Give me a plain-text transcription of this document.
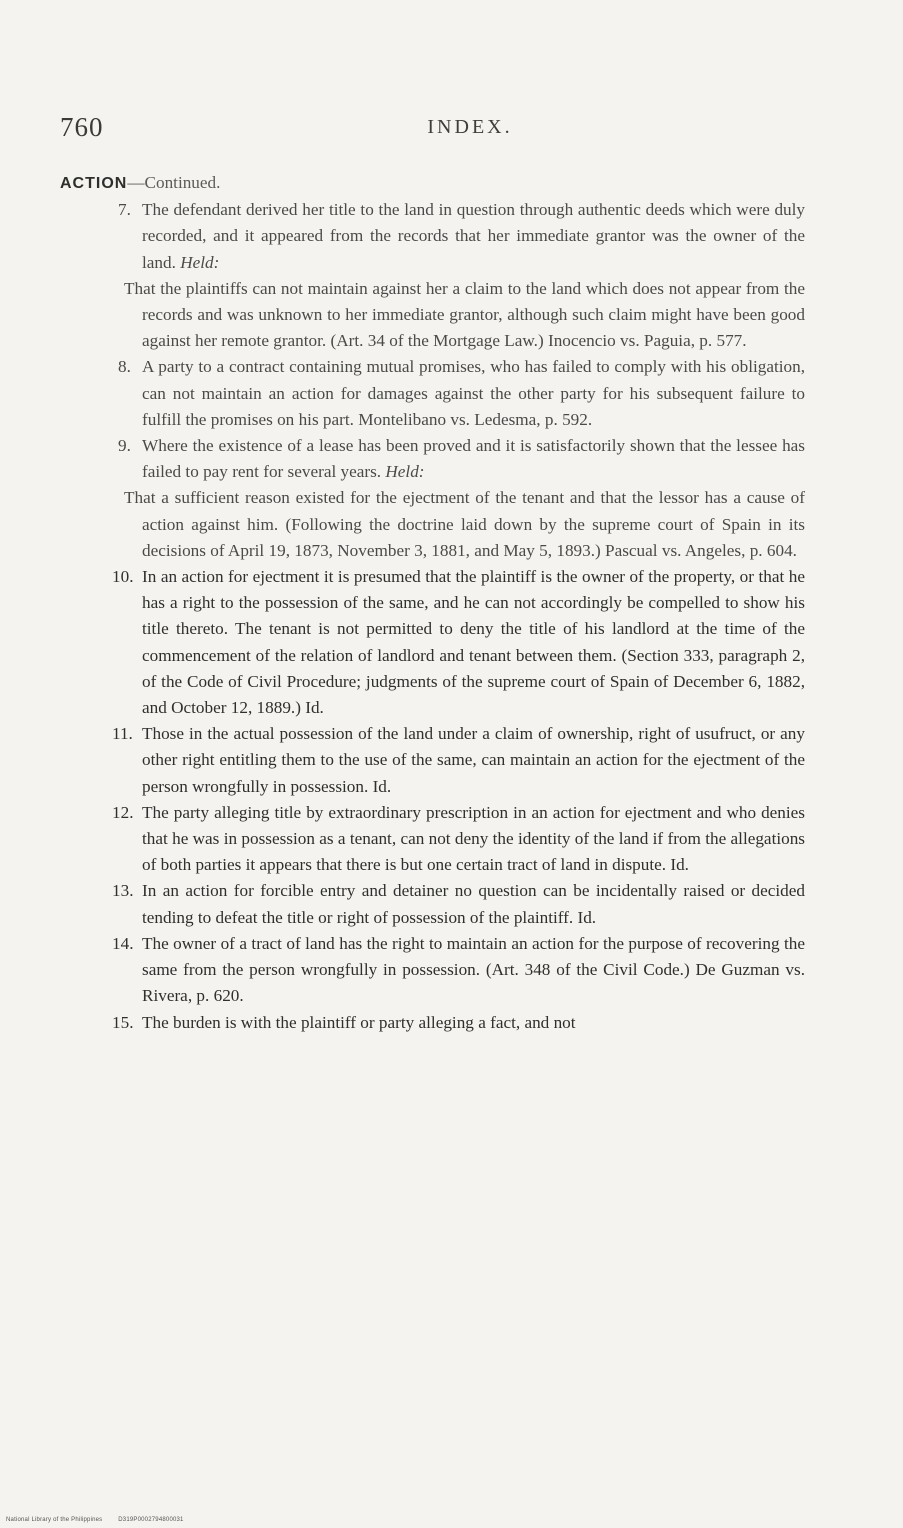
760	INDEX.

ACTION—Continued.

7. The defendant derived her title to the land in question through authentic deeds which were duly recorded, and it appeared from the records that her immediate grantor was the owner of the land. Held:

That the plaintiffs can not maintain against her a claim to the land which does not appear from the records and was unknown to her immediate grantor, although such claim might have been good against her remote grantor. (Art. 34 of the Mortgage Law.) Inocencio vs. Paguia, p. 577.

8. A party to a contract containing mutual promises, who has failed to comply with his obligation, can not maintain an action for damages against the other party for his subsequent failure to fulfill the promises on his part. Montelibano vs. Ledesma, p. 592.

9. Where the existence of a lease has been proved and it is satisfactorily shown that the lessee has failed to pay rent for several years. Held:

That a sufficient reason existed for the ejectment of the tenant and that the lessor has a cause of action against him. (Following the doctrine laid down by the supreme court of Spain in its decisions of April 19, 1873, November 3, 1881, and May 5, 1893.) Pascual vs. Angeles, p. 604.

10. In an action for ejectment it is presumed that the plaintiff is the owner of the property, or that he has a right to the possession of the same, and he can not accordingly be compelled to show his title thereto. The tenant is not permitted to deny the title of his landlord at the time of the commencement of the relation of landlord and tenant between them. (Section 333, paragraph 2, of the Code of Civil Procedure; judgments of the supreme court of Spain of December 6, 1882, and October 12, 1889.) Id.

11. Those in the actual possession of the land under a claim of ownership, right of usufruct, or any other right entitling them to the use of the same, can maintain an action for the ejectment of the person wrongfully in possession. Id.

12. The party alleging title by extraordinary prescription in an action for ejectment and who denies that he was in possession as a tenant, can not deny the identity of the land if from the allegations of both parties it appears that there is but one certain tract of land in dispute. Id.

13. In an action for forcible entry and detainer no question can be incidentally raised or decided tending to defeat the title or right of possession of the plaintiff. Id.

14. The owner of a tract of land has the right to maintain an action for the purpose of recovering the same from the person wrongfully in possession. (Art. 348 of the Civil Code.) De Guzman vs. Rivera, p. 620.

15. The burden is with the plaintiff or party alleging a fact, and not

National Library of the Philippines	D319P0002794800031
